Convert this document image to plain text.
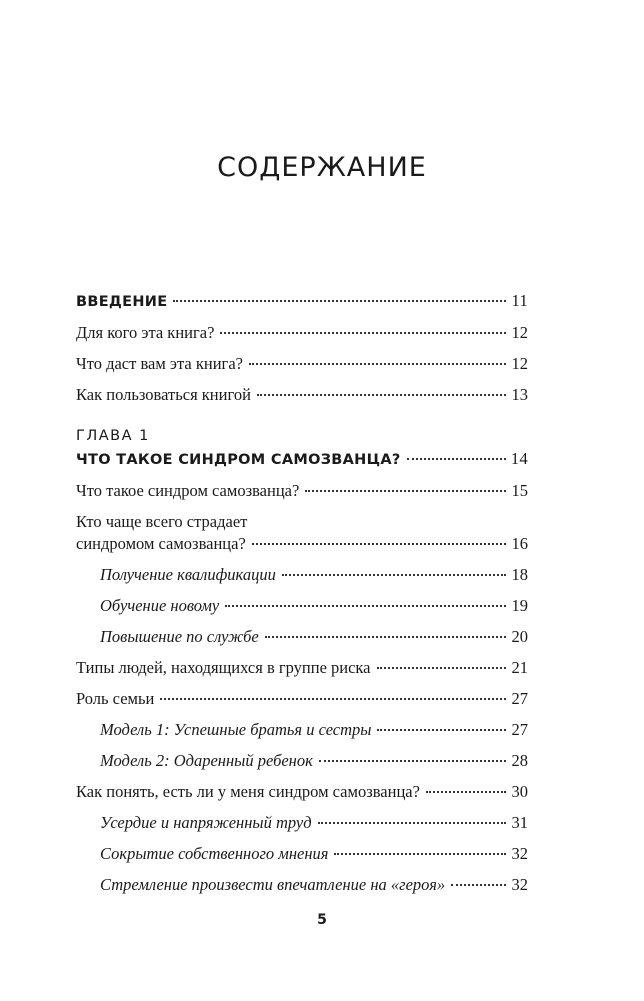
СОДЕРЖАНИЕ
ВВЕДЕНИЕ	11
Для кого эта книга?	12
Что даст вам эта книга?	12
Как пользоваться книгой	13
ГЛАВА 1
ЧТО ТАКОЕ СИНДРОМ САМОЗВАНЦА?	14
Что такое синдром самозванца?	15
Кто чаще всего страдает
синдромом самозванца?	16
Получение квалификации	18
Обучение новому	19
Повышение по службе	20
Типы людей, находящихся в группе риска	21
Роль семьи	27
Модель 1: Успешные братья и сестры	27
Модель 2: Одаренный ребенок	28
Как понять, есть ли у меня синдром самозванца?	30
Усердие и напряженный труд	31
Сокрытие собственного мнения	32
Стремление произвести впечатление на «героя»	32
5
